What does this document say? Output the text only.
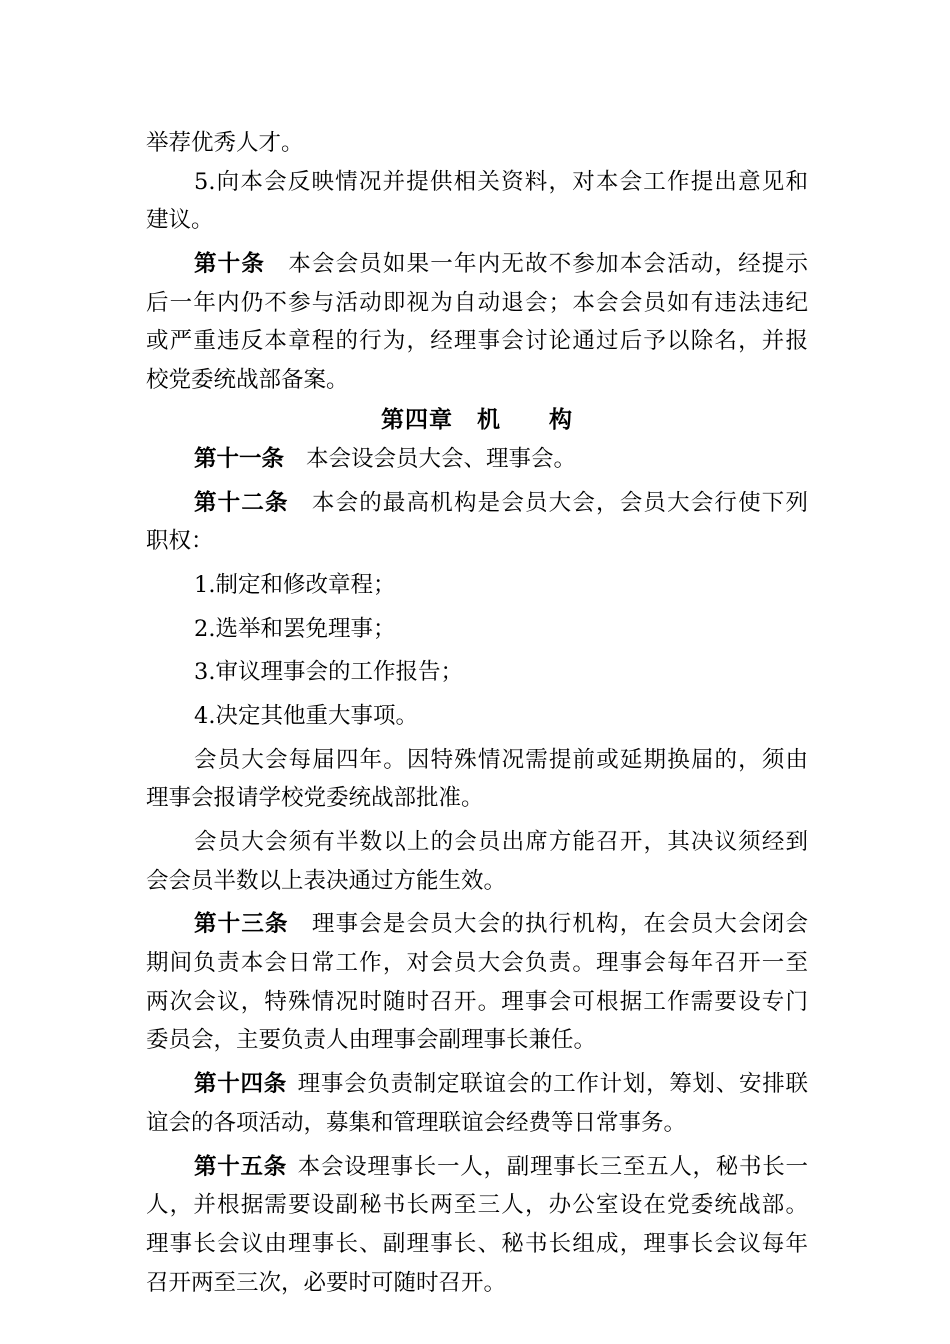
举荐优秀人才。
5.向本会反映情况并提供相关资料，对本会工作提出意见和
建议。
第十条 本会会员如果一年内无故不参加本会活动，经提示
后一年内仍不参与活动即视为自动退会；本会会员如有违法违纪
或严重违反本章程的行为，经理事会讨论通过后予以除名，并报
校党委统战部备案。
第四章　机　　构
第十一条 本会设会员大会、理事会。
第十二条 本会的最高机构是会员大会，会员大会行使下列
职权：
1.制定和修改章程；
2.选举和罢免理事；
3.审议理事会的工作报告；
4.决定其他重大事项。
会员大会每届四年。因特殊情况需提前或延期换届的，须由
理事会报请学校党委统战部批准。
会员大会须有半数以上的会员出席方能召开，其决议须经到
会会员半数以上表决通过方能生效。
第十三条 理事会是会员大会的执行机构，在会员大会闭会
期间负责本会日常工作，对会员大会负责。理事会每年召开一至
两次会议，特殊情况时随时召开。理事会可根据工作需要设专门
委员会，主要负责人由理事会副理事长兼任。
第十四条 理事会负责制定联谊会的工作计划，筹划、安排联
谊会的各项活动，募集和管理联谊会经费等日常事务。
第十五条 本会设理事长一人，副理事长三至五人，秘书长一
人，并根据需要设副秘书长两至三人，办公室设在党委统战部。
理事长会议由理事长、副理事长、秘书长组成，理事长会议每年
召开两至三次，必要时可随时召开。
